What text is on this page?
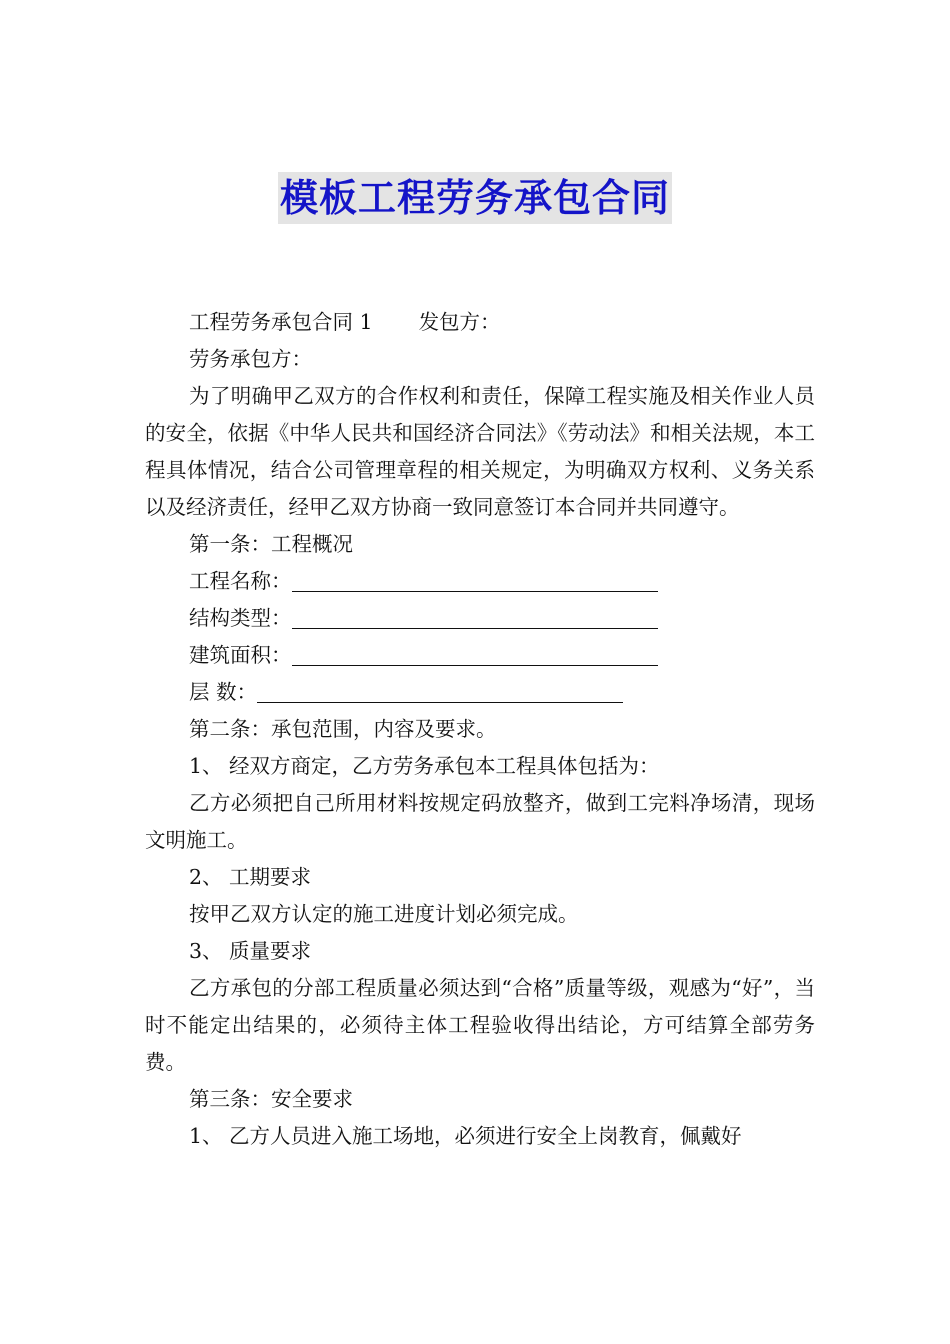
模板工程劳务承包合同

工程劳务承包合同 1 发包方：

劳务承包方：

为了明确甲乙双方的合作权利和责任，保障工程实施及相关作业人员的安全，依据《中华人民共和国经济合同法》《劳动法》和相关法规，本工程具体情况，结合公司管理章程的相关规定，为明确双方权利、义务关系以及经济责任，经甲乙双方协商一致同意签订本合同并共同遵守。

第一条：工程概况

工程名称：

结构类型：

建筑面积：

层 数：

第二条：承包范围，内容及要求。

1、 经双方商定，乙方劳务承包本工程具体包括为：

乙方必须把自己所用材料按规定码放整齐，做到工完料净场清，现场文明施工。

2、 工期要求

按甲乙双方认定的施工进度计划必须完成。

3、 质量要求

乙方承包的分部工程质量必须达到“合格”质量等级，观感为“好”，当时不能定出结果的，必须待主体工程验收得出结论，方可结算全部劳务费。

第三条：安全要求

1、 乙方人员进入施工场地，必须进行安全上岗教育，佩戴好
